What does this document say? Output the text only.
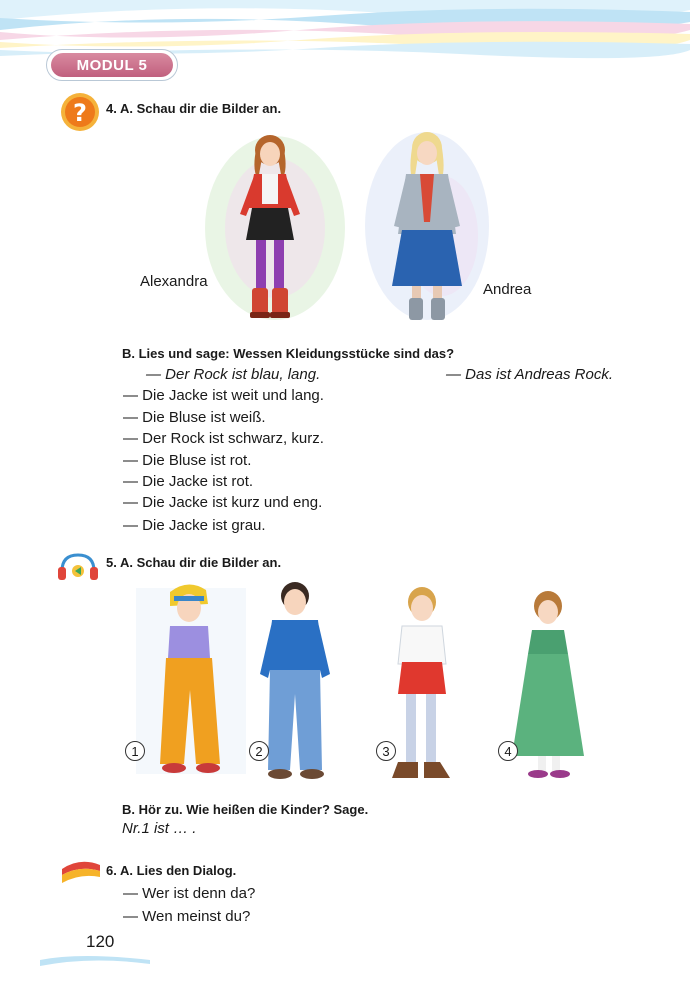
MODUL 5
? 4. A. Schau dir die Bilder an.
Alexandra	Andrea
B. Lies und sage: Wessen Kleidungsstücke sind das?
— Der Rock ist blau, lang.	— Das ist Andreas Rock.
— Die Jacke ist weit und lang.
— Die Bluse ist weiß.
— Der Rock ist schwarz, kurz.
— Die Bluse ist rot.
— Die Jacke ist rot.
— Die Jacke ist kurz und eng.
— Die Jacke ist grau.
5. A. Schau dir die Bilder an.
1	2	3	4
B. Hör zu. Wie heißen die Kinder? Sage.
Nr.1 ist … .
6. A. Lies den Dialog.
— Wer ist denn da?
— Wen meinst du?
120
